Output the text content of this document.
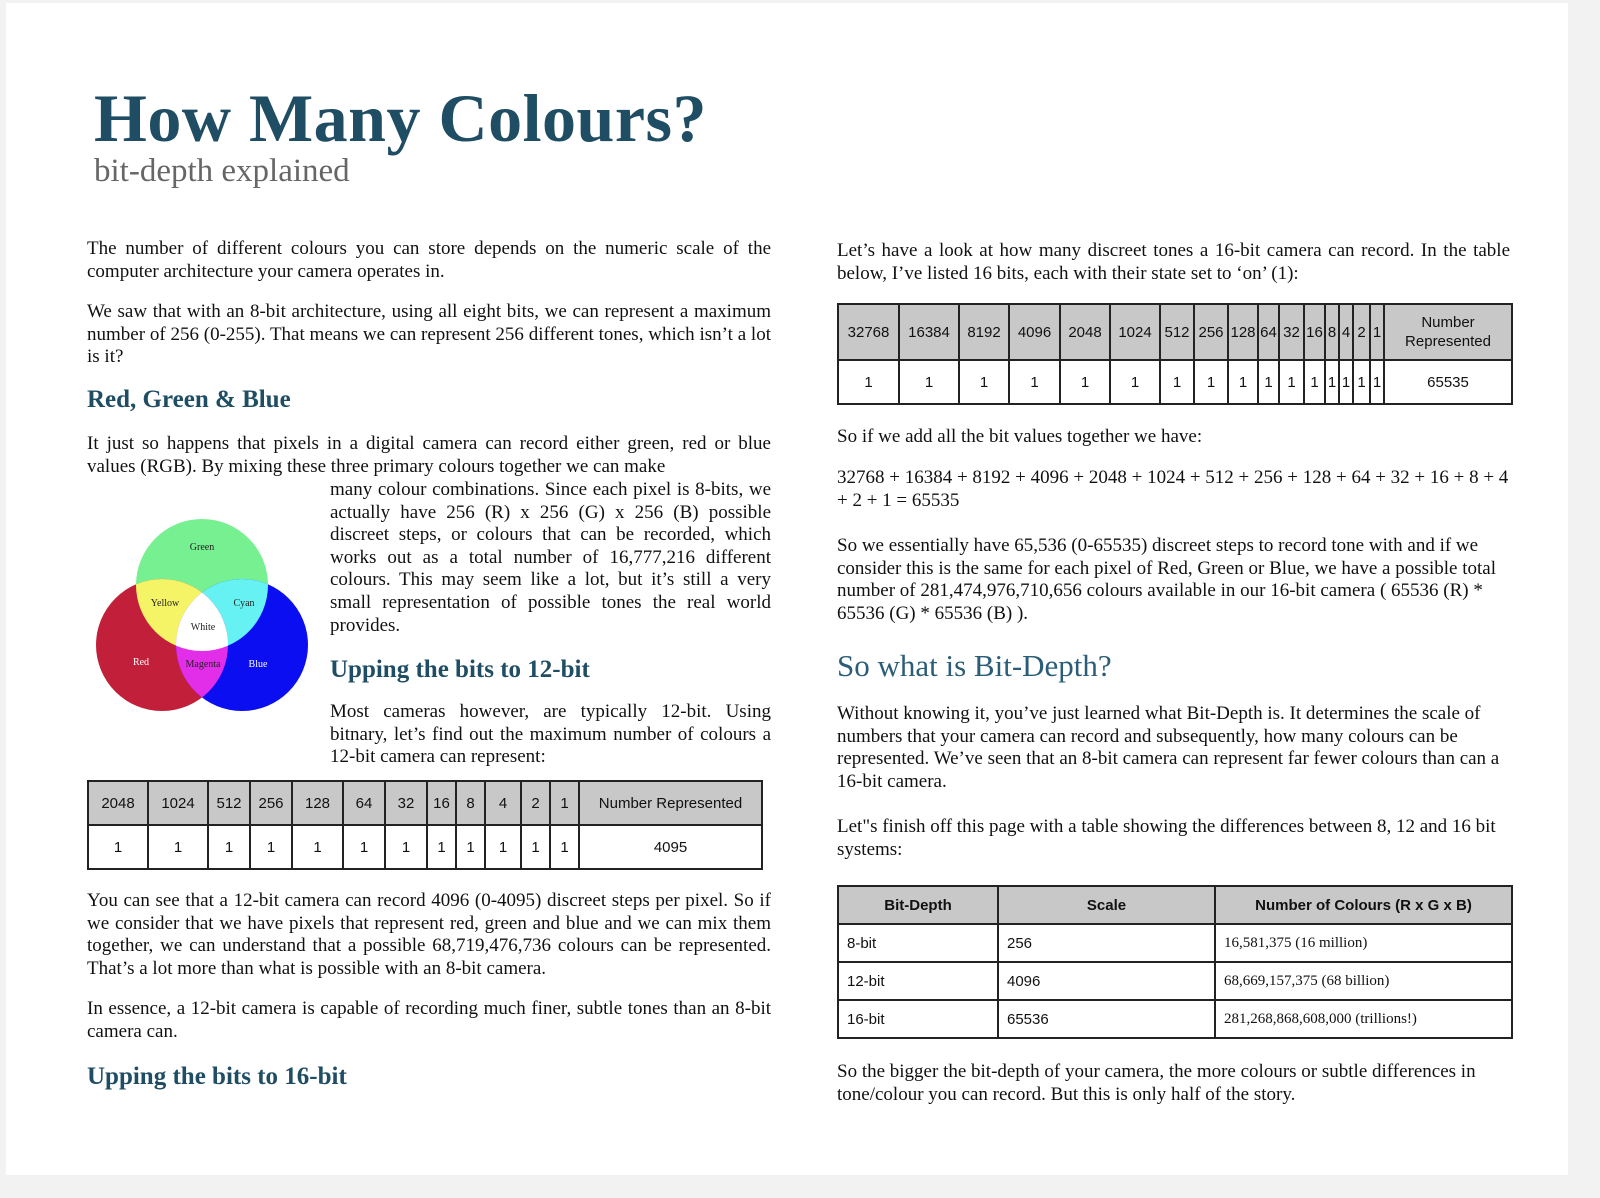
How Many Colours?
bit-depth explained

The number of different colours you can store depends on the numeric scale of the computer architecture your camera operates in.

We saw that with an 8-bit architecture, using all eight bits, we can represent a maximum number of 256 (0-255). That means we can represent 256 different tones, which isn’t a lot is it?

Red, Green & Blue

It just so happens that pixels in a digital camera can record either green, red or blue values (RGB). By mixing these three primary colours together we can make

many colour combinations. Since each pixel is 8-bits, we actually have 256 (R) x 256 (G) x 256 (B) possible discreet steps, or colours that can be recorded, which works out as a total number of 16,777,216 different colours. This may seem like a lot, but it’s still a very small representation of possible tones the real world provides.

Green
Yellow	Cyan
White
Red	Magenta	Blue	Upping the bits to 12-bit

Most cameras however, are typically 12-bit. Using bitnary, let’s find out the maximum number of colours a 12-bit camera can represent:

2048	1024	512	256	128	64	32	16	8	4	2	1	Number Represented
1	1	1	1	1	1	1	1	1	1	1	1	4095

You can see that a 12-bit camera can record 4096 (0-4095) discreet steps per pixel. So if we consider that we have pixels that represent red, green and blue and we can mix them together, we can understand that a possible 68,719,476,736 colours can be represented. That’s a lot more than what is possible with an 8-bit camera.

In essence, a 12-bit camera is capable of recording much finer, subtle tones than an 8-bit camera can.

Upping the bits to 16-bit

Let’s have a look at how many discreet tones a 16-bit camera can record. In the table below, I’ve listed 16 bits, each with their state set to ‘on’ (1):

32768	16384	8192	4096	2048	1024	512	256	128	64	32	16	8	4	2	1	Number
Represented
1	1	1	1	1	1	1	1	1	1	1	1	1	1	1	1	65535

So if we add all the bit values together we have:

32768 + 16384 + 8192 + 4096 + 2048 + 1024 + 512 + 256 + 128 + 64 + 32 + 16 + 8 + 4 + 2 + 1 = 65535

So we essentially have 65,536 (0-65535) discreet steps to record tone with and if we consider this is the same for each pixel of Red, Green or Blue, we have a possible total number of 281,474,976,710,656 colours available in our 16-bit camera ( 65536 (R) * 65536 (G) * 65536 (B) ).

So what is Bit-Depth?

Without knowing it, you’ve just learned what Bit-Depth is. It determines the scale of numbers that your camera can record and subsequently, how many colours can be represented. We’ve seen that an 8-bit camera can represent far fewer colours than can a 16-bit camera.

Let"s finish off this page with a table showing the differences between 8, 12 and 16 bit systems:

Bit-Depth	Scale	Number of Colours (R x G x B)
8-bit	256	16,581,375 (16 million)
12-bit	4096	68,669,157,375 (68 billion)
16-bit	65536	281,268,868,608,000 (trillions!)

So the bigger the bit-depth of your camera, the more colours or subtle differences in tone/colour you can record. But this is only half of the story.
